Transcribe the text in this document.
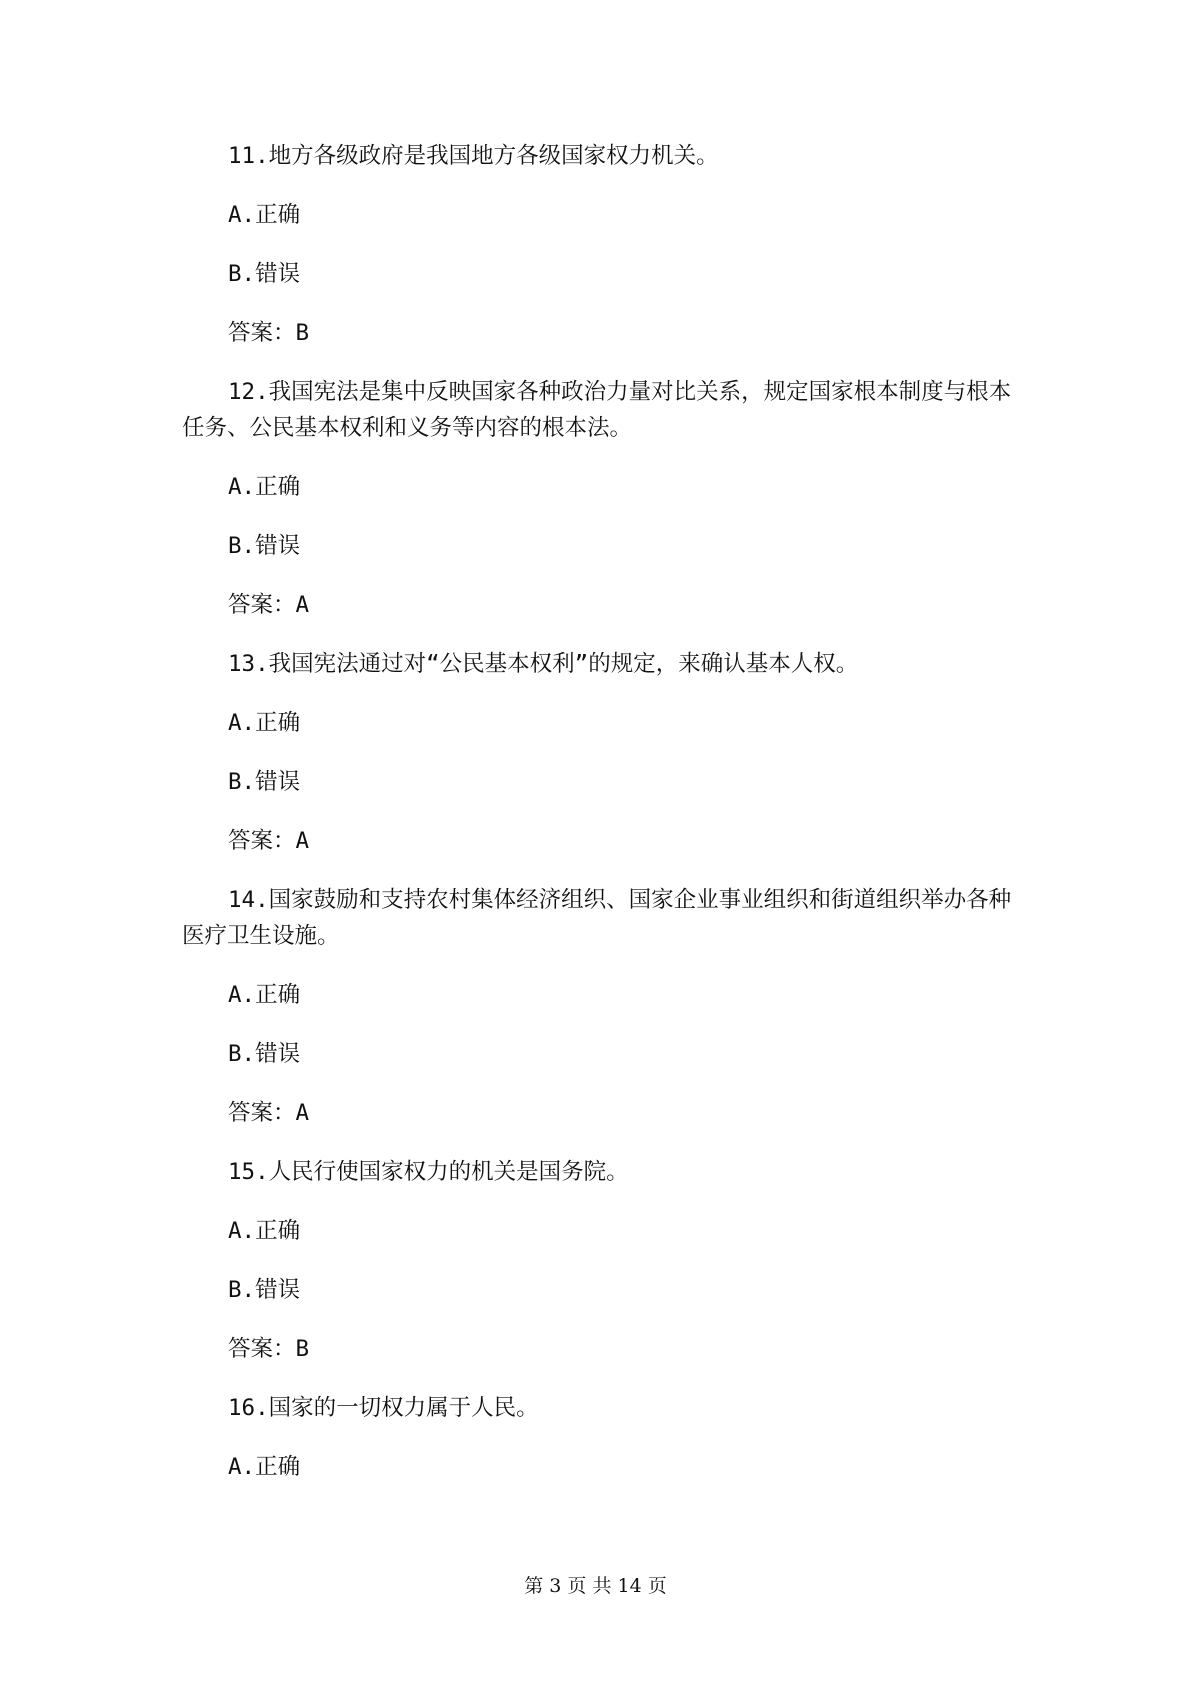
11.地方各级政府是我国地方各级国家权力机关。

A.正确

B.错误

答案：B

12.我国宪法是集中反映国家各种政治力量对比关系，规定国家根本制度与根本任务、公民基本权利和义务等内容的根本法。

A.正确

B.错误

答案：A

13.我国宪法通过对“公民基本权利”的规定，来确认基本人权。

A.正确

B.错误

答案：A

14.国家鼓励和支持农村集体经济组织、国家企业事业组织和街道组织举办各种医疗卫生设施。

A.正确

B.错误

答案：A

15.人民行使国家权力的机关是国务院。

A.正确

B.错误

答案：B

16.国家的一切权力属于人民。

A.正确

第 3 页 共 14 页
